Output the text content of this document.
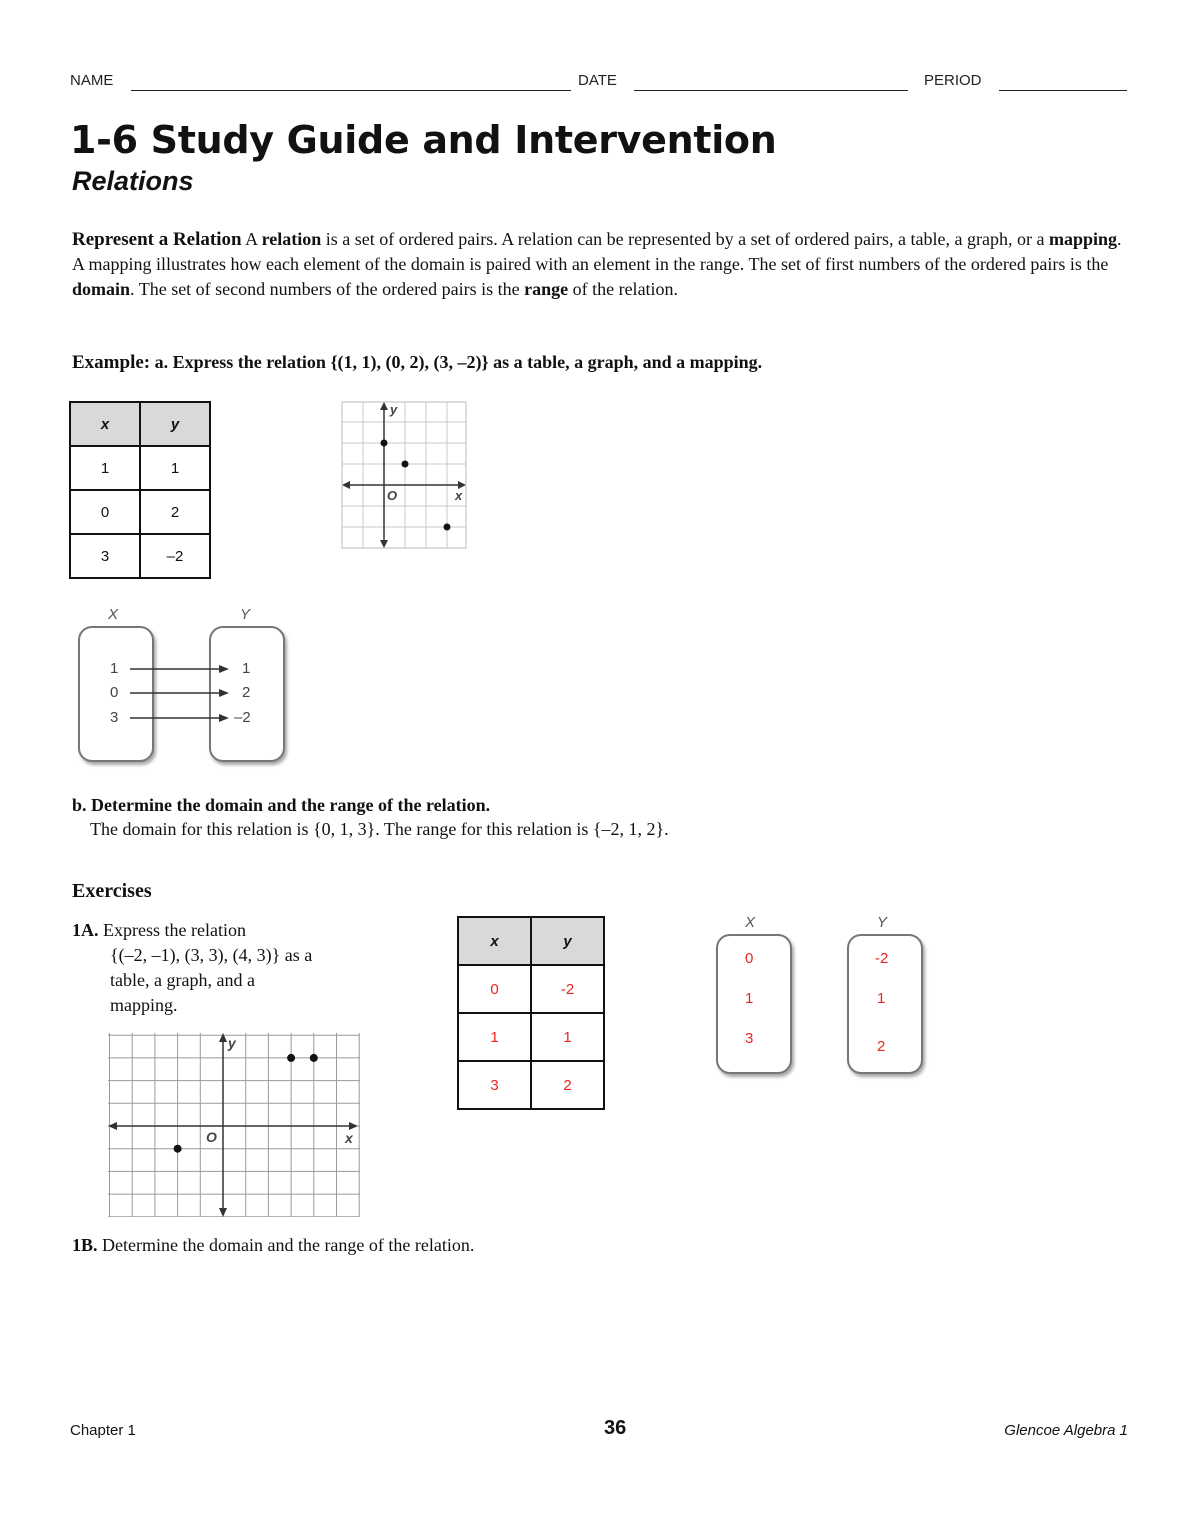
NAME	DATE	PERIOD
1-6 Study Guide and Intervention
Relations
Represent a Relation A relation is a set of ordered pairs. A relation can be represented by a set of ordered pairs, a table, a graph, or a mapping. A mapping illustrates how each element of the domain is paired with an element in the range. The set of first numbers of the ordered pairs is the domain. The set of second numbers of the ordered pairs is the range of the relation.
Example: a. Express the relation {(1, 1), (0, 2), (3, –2)} as a table, a graph, and a mapping.
x	y
1	1
0	2
3	–2
y
x
O
X	Y
1
0
3
1
2
–2
b. Determine the domain and the range of the relation.
The domain for this relation is {0, 1, 3}. The range for this relation is {–2, 1, 2}.
Exercises
1A. Express the relation
{(–2, –1), (3, 3), (4, 3)} as a
table, a graph, and a
mapping.
y
x
O
x	y
0	-2
1	1
3	2
X	Y
0
1
3
-2
1
2
1B. Determine the domain and the range of the relation.
Chapter 1	36	Glencoe Algebra 1
